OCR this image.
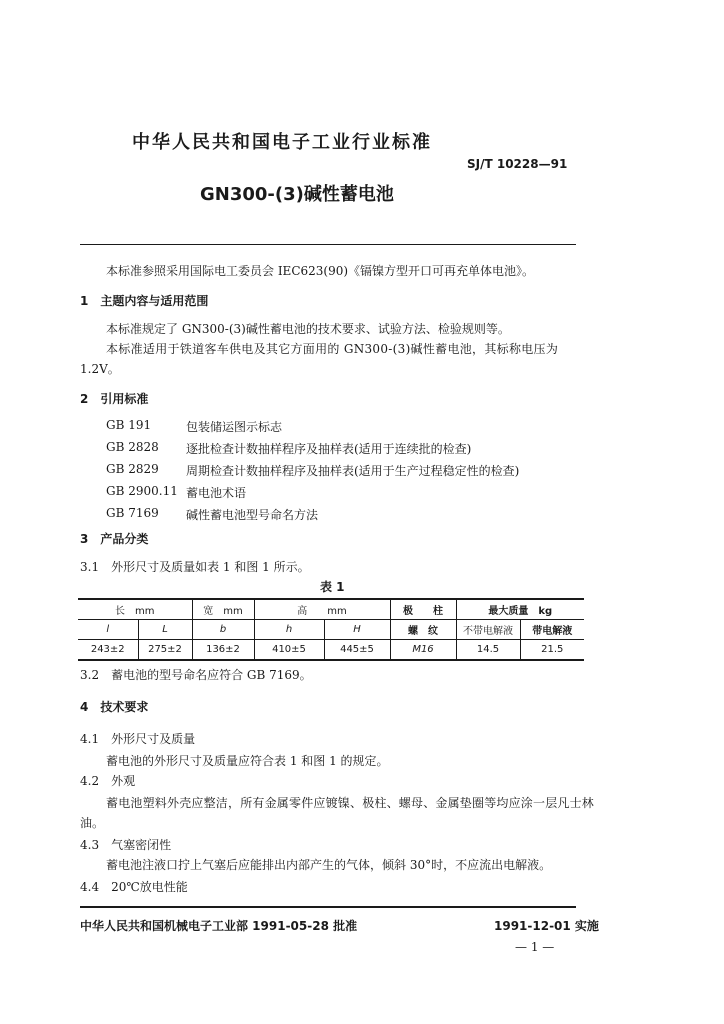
中华人民共和国电子工业行业标准
SJ/T 10228—91
GN300-(3)碱性蓄电池
本标准参照采用国际电工委员会 IEC623(90)《镉镍方型开口可再充单体电池》。
1　主题内容与适用范围
本标准规定了 GN300-(3)碱性蓄电池的技术要求、试验方法、检验规则等。
本标准适用于铁道客车供电及其它方面用的 GN300-(3)碱性蓄电池，其标称电压为
1.2V。
2　引用标准
GB 191	包装储运图示标志
GB 2828 逐批检查计数抽样程序及抽样表(适用于连续批的检查)
GB 2829 周期检查计数抽样程序及抽样表(适用于生产过程稳定性的检查)
GB 2900.11 蓄电池术语
GB 7169 碱性蓄电池型号命名方法
3　产品分类
3.1　外形尺寸及质量如表 1 和图 1 所示。
表 1
长　mm		宽　mm	高　　mm		极　　柱	最大质量　kg	
l	L	b	h	H	螺　纹	不带电解液	带电解液
243±2	275±2	136±2	410±5	445±5	M16	14.5	21.5
3.2　蓄电池的型号命名应符合 GB 7169。
4　技术要求
4.1　外形尺寸及质量
蓄电池的外形尺寸及质量应符合表 1 和图 1 的规定。
4.2　外观
蓄电池塑料外壳应整洁，所有金属零件应镀镍、极柱、螺母、金属垫圈等均应涂一层凡士林
油。
4.3　气塞密闭性
蓄电池注液口拧上气塞后应能排出内部产生的气体，倾斜 30°时，不应流出电解液。
4.4　20℃放电性能
中华人民共和国机械电子工业部 1991-05-28 批准	1991-12-01 实施
— 1 —
